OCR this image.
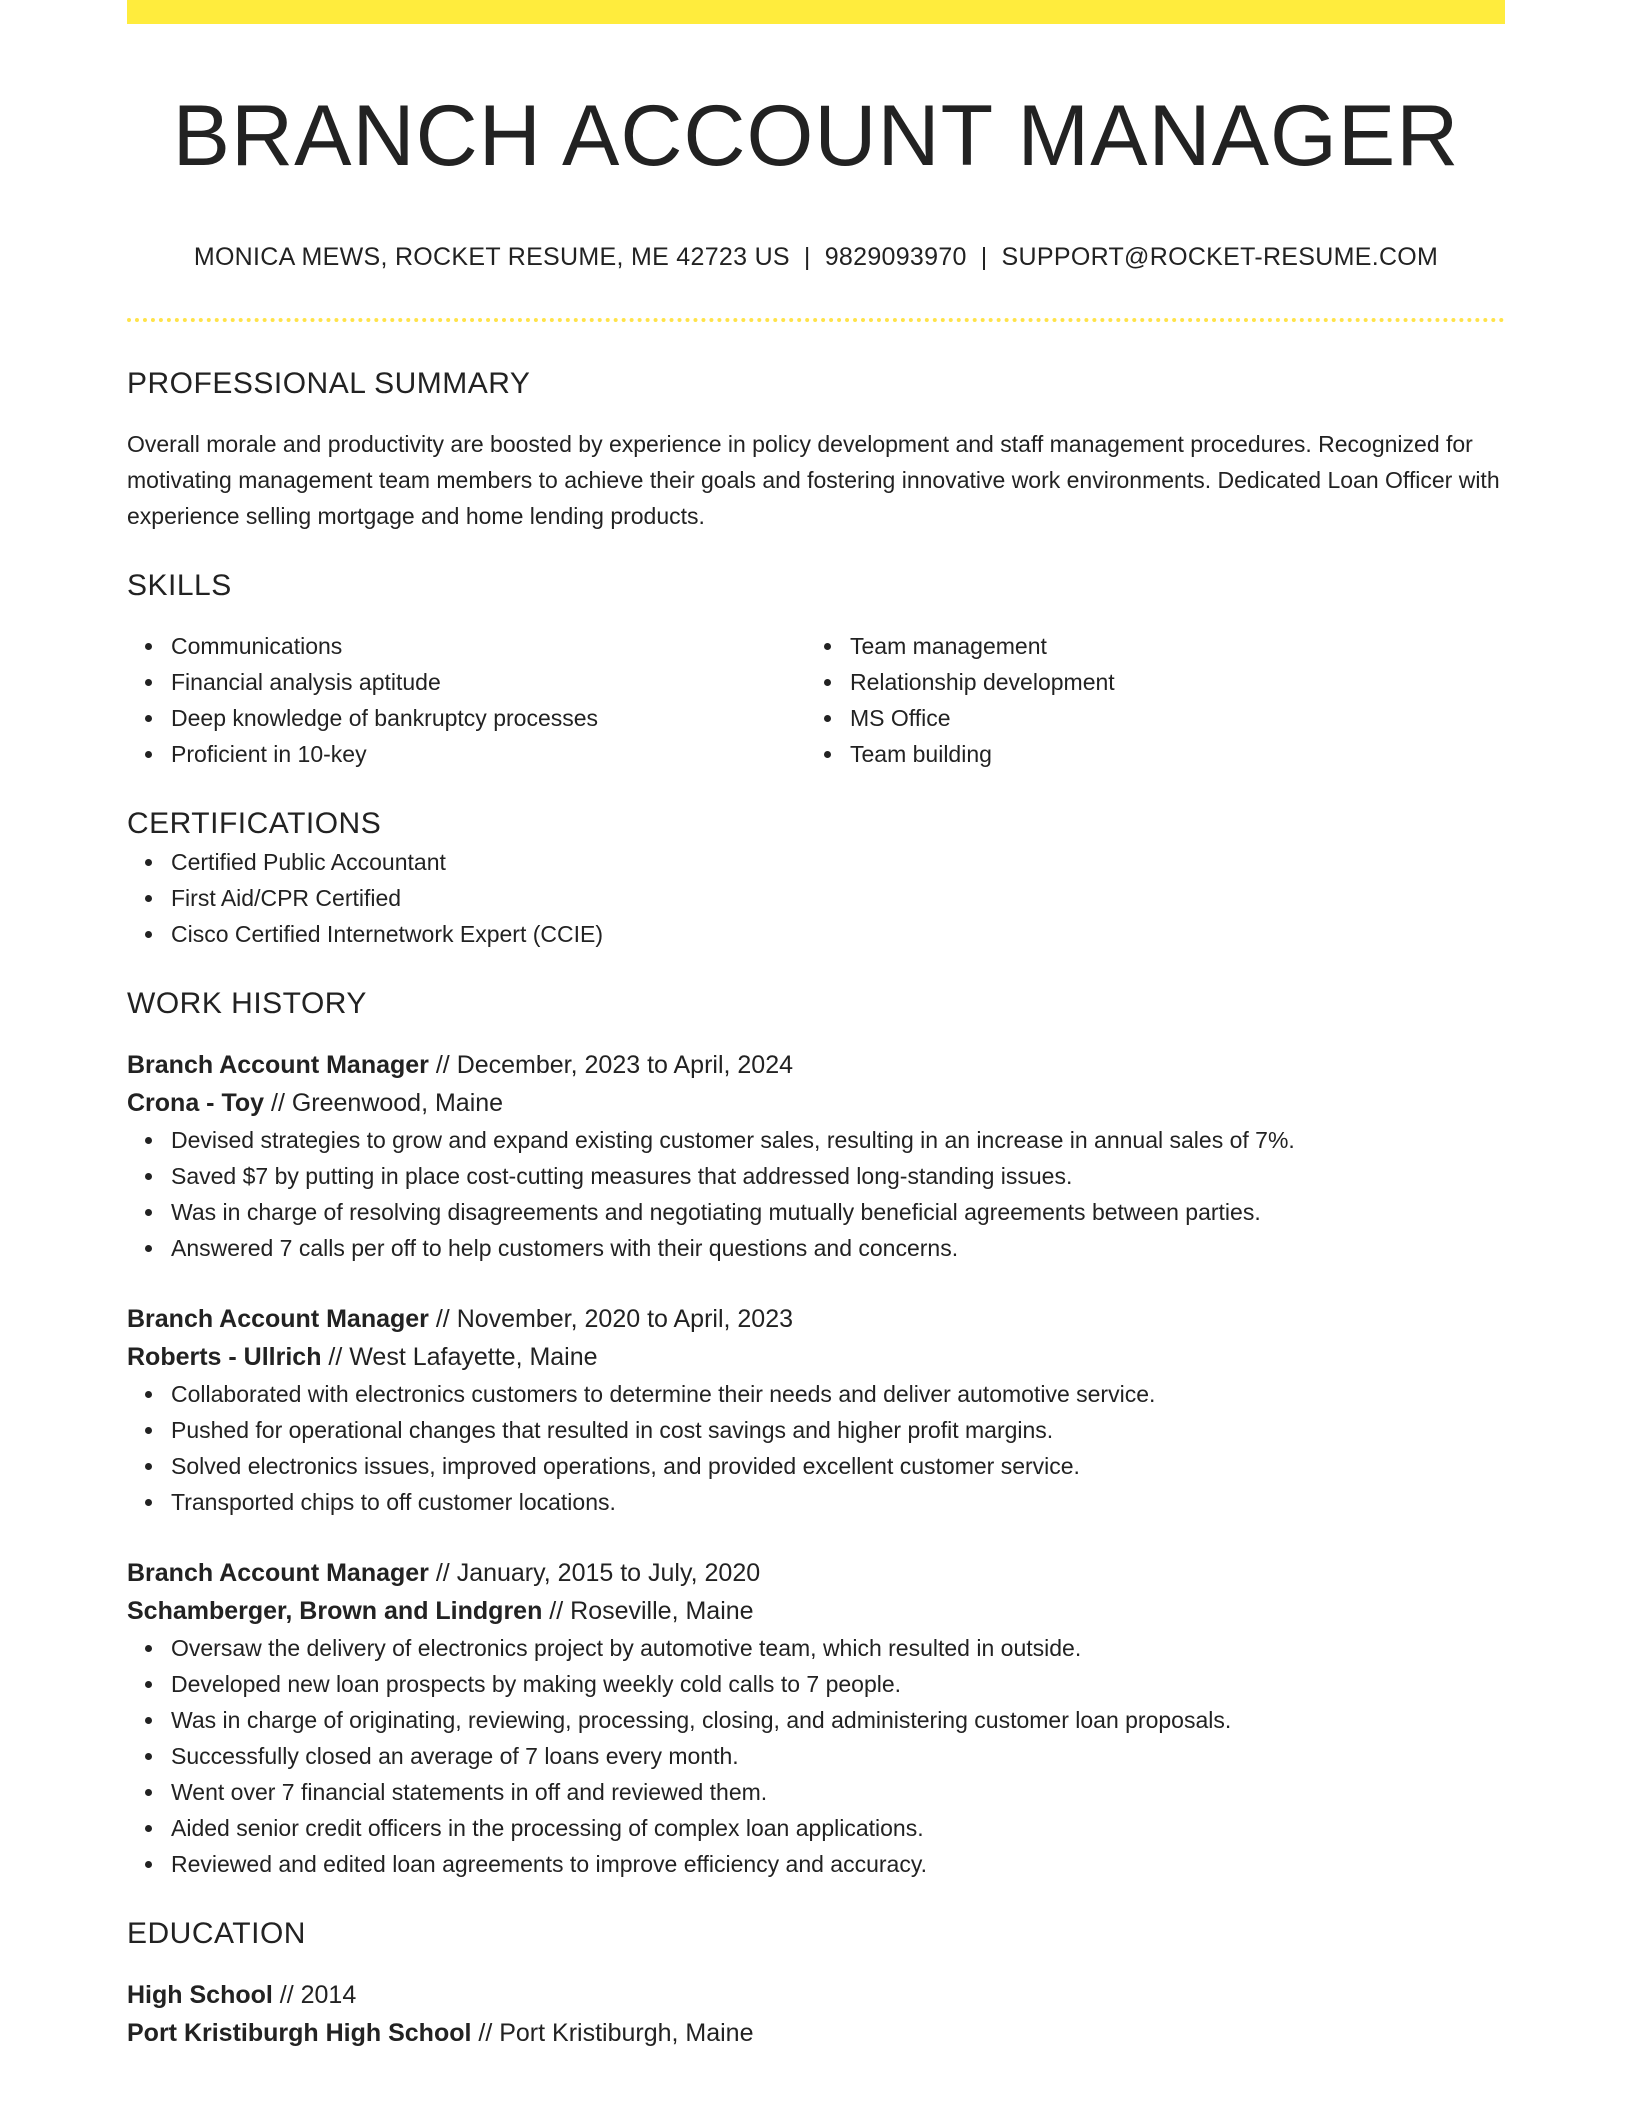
BRANCH ACCOUNT MANAGER
MONICA MEWS, ROCKET RESUME, ME 42723 US | 9829093970 | SUPPORT@ROCKET-RESUME.COM
PROFESSIONAL SUMMARY
Overall morale and productivity are boosted by experience in policy development and staff management procedures. Recognized for motivating management team members to achieve their goals and fostering innovative work environments. Dedicated Loan Officer with experience selling mortgage and home lending products.
SKILLS
Communications
Financial analysis aptitude
Deep knowledge of bankruptcy processes
Proficient in 10-key
Team management
Relationship development
MS Office
Team building
CERTIFICATIONS
Certified Public Accountant
First Aid/CPR Certified
Cisco Certified Internetwork Expert (CCIE)
WORK HISTORY
Branch Account Manager // December, 2023 to April, 2024
Crona - Toy // Greenwood, Maine
Devised strategies to grow and expand existing customer sales, resulting in an increase in annual sales of 7%.
Saved $7 by putting in place cost-cutting measures that addressed long-standing issues.
Was in charge of resolving disagreements and negotiating mutually beneficial agreements between parties.
Answered 7 calls per off to help customers with their questions and concerns.
Branch Account Manager // November, 2020 to April, 2023
Roberts - Ullrich // West Lafayette, Maine
Collaborated with electronics customers to determine their needs and deliver automotive service.
Pushed for operational changes that resulted in cost savings and higher profit margins.
Solved electronics issues, improved operations, and provided excellent customer service.
Transported chips to off customer locations.
Branch Account Manager // January, 2015 to July, 2020
Schamberger, Brown and Lindgren // Roseville, Maine
Oversaw the delivery of electronics project by automotive team, which resulted in outside.
Developed new loan prospects by making weekly cold calls to 7 people.
Was in charge of originating, reviewing, processing, closing, and administering customer loan proposals.
Successfully closed an average of 7 loans every month.
Went over 7 financial statements in off and reviewed them.
Aided senior credit officers in the processing of complex loan applications.
Reviewed and edited loan agreements to improve efficiency and accuracy.
EDUCATION
High School // 2014
Port Kristiburgh High School // Port Kristiburgh, Maine
